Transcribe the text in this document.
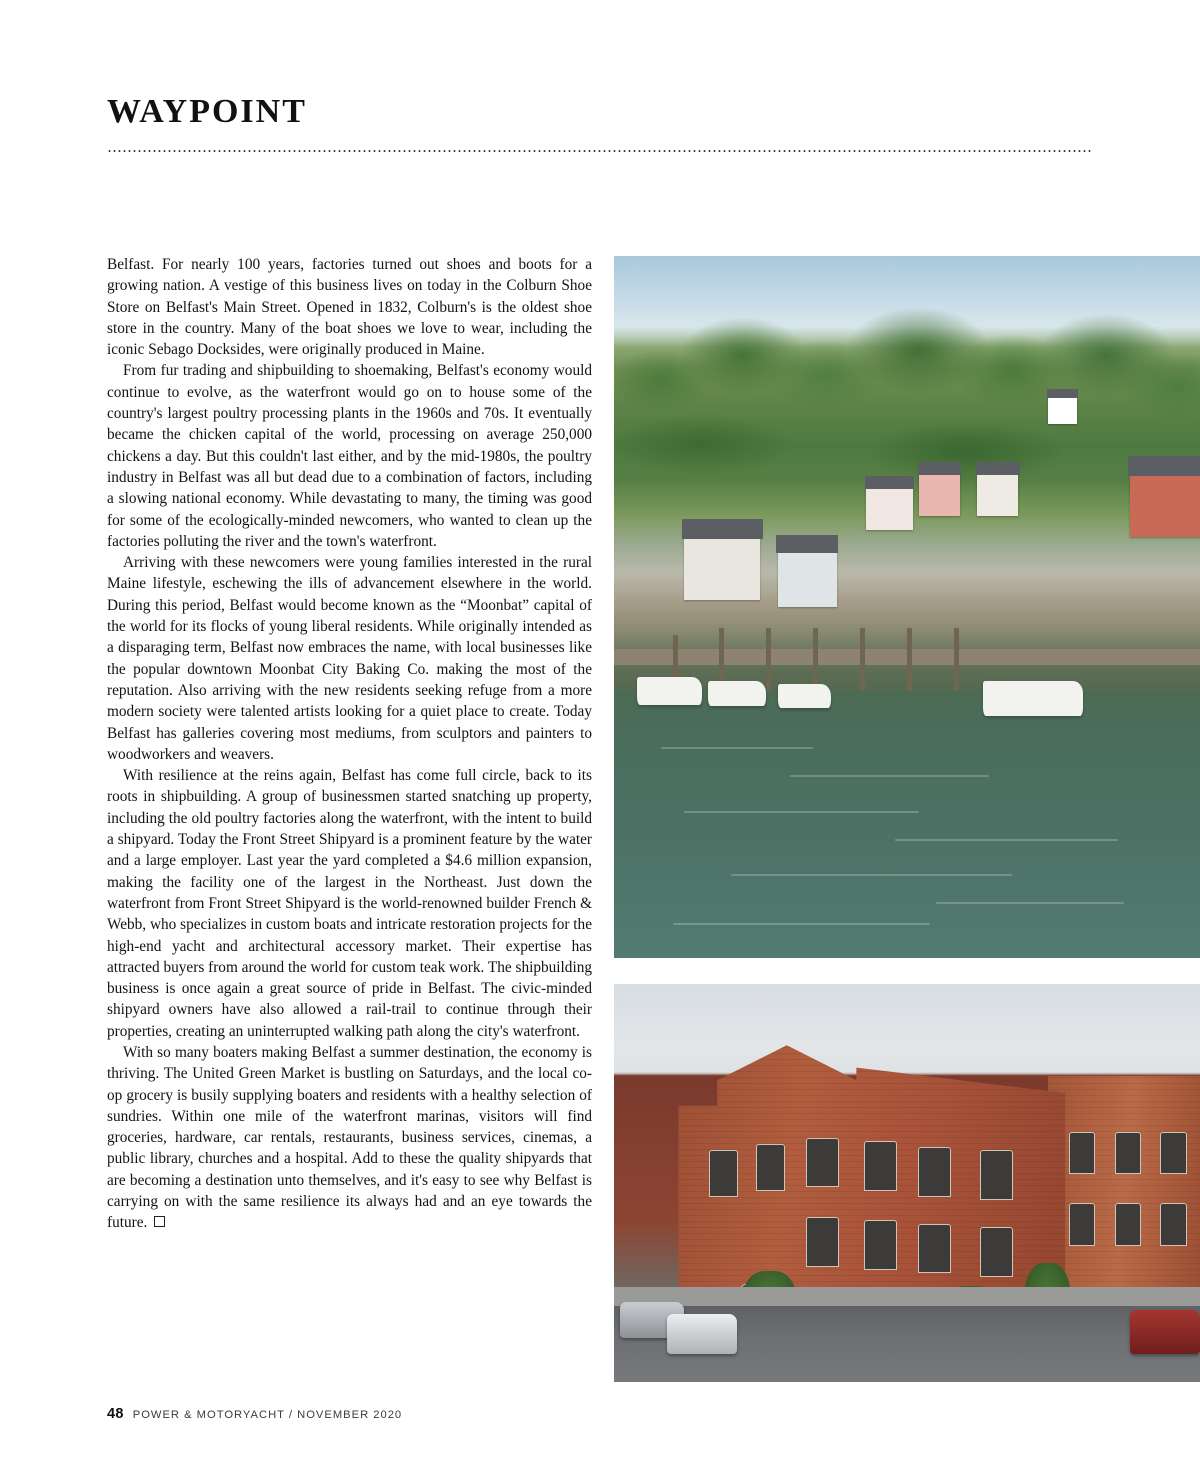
WAYPOINT

Belfast. For nearly 100 years, factories turned out shoes and boots for a growing nation. A vestige of this business lives on today in the Colburn Shoe Store on Belfast's Main Street. Opened in 1832, Colburn's is the oldest shoe store in the country. Many of the boat shoes we love to wear, including the iconic Sebago Docksides, were originally produced in Maine.

From fur trading and shipbuilding to shoemaking, Belfast's economy would continue to evolve, as the waterfront would go on to house some of the country's largest poultry processing plants in the 1960s and 70s. It eventually became the chicken capital of the world, processing on average 250,000 chickens a day. But this couldn't last either, and by the mid-1980s, the poultry industry in Belfast was all but dead due to a combination of factors, including a slowing national economy. While devastating to many, the timing was good for some of the ecologically-minded newcomers, who wanted to clean up the factories polluting the river and the town's waterfront.

Arriving with these newcomers were young families interested in the rural Maine lifestyle, eschewing the ills of advancement elsewhere in the world. During this period, Belfast would become known as the “Moonbat” capital of the world for its flocks of young liberal residents. While originally intended as a disparaging term, Belfast now embraces the name, with local businesses like the popular downtown Moonbat City Baking Co. making the most of the reputation. Also arriving with the new residents seeking refuge from a more modern society were talented artists looking for a quiet place to create. Today Belfast has galleries covering most mediums, from sculptors and painters to woodworkers and weavers.

With resilience at the reins again, Belfast has come full circle, back to its roots in shipbuilding. A group of businessmen started snatching up property, including the old poultry factories along the waterfront, with the intent to build a shipyard. Today the Front Street Shipyard is a prominent feature by the water and a large employer. Last year the yard completed a $4.6 million expansion, making the facility one of the largest in the Northeast. Just down the waterfront from Front Street Shipyard is the world-renowned builder French & Webb, who specializes in custom boats and intricate restoration projects for the high-end yacht and architectural accessory market. Their expertise has attracted buyers from around the world for custom teak work. The shipbuilding business is once again a great source of pride in Belfast. The civic-minded shipyard owners have also allowed a rail-trail to continue through their properties, creating an uninterrupted walking path along the city's waterfront.

With so many boaters making Belfast a summer destination, the economy is thriving. The United Green Market is bustling on Saturdays, and the local co-op grocery is busily supplying boaters and residents with a healthy selection of sundries. Within one mile of the waterfront marinas, visitors will find groceries, hardware, car rentals, restaurants, business services, cinemas, a public library, churches and a hospital. Add to these the quality shipyards that are becoming a destination unto themselves, and it's easy to see why Belfast is carrying on with the same resilience its always had and an eye towards the future.

48 POWER & MOTORYACHT / NOVEMBER 2020
